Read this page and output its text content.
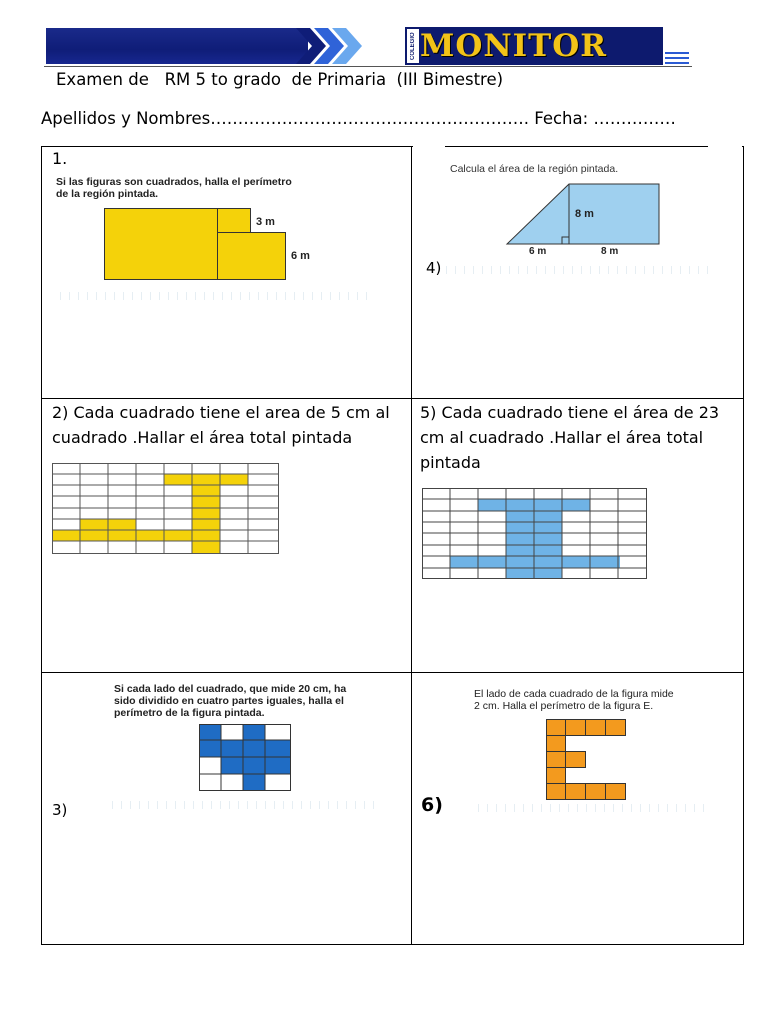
COLEGIO MONITOR
Examen de   RM 5 to grado  de Primaria  (III Bimestre)
Apellidos y Nombres…………………………………………………. Fecha: ……………
1.
Si las figuras son cuadrados, halla el perímetro
de la región pintada.
3 m
6 m
Calcula el área de la región pintada.
8 m
6 m	8 m
4)
2) Cada cuadrado tiene el area de 5 cm al cuadrado .Hallar el área total pintada
5) Cada cuadrado tiene el área de 23 cm al cuadrado .Hallar el área total pintada
Si cada lado del cuadrado, que mide 20 cm, ha
sido dividido en cuatro partes iguales, halla el
perímetro de la figura pintada.
3)
El lado de cada cuadrado de la figura mide
2 cm. Halla el perímetro de la figura E.
6)
